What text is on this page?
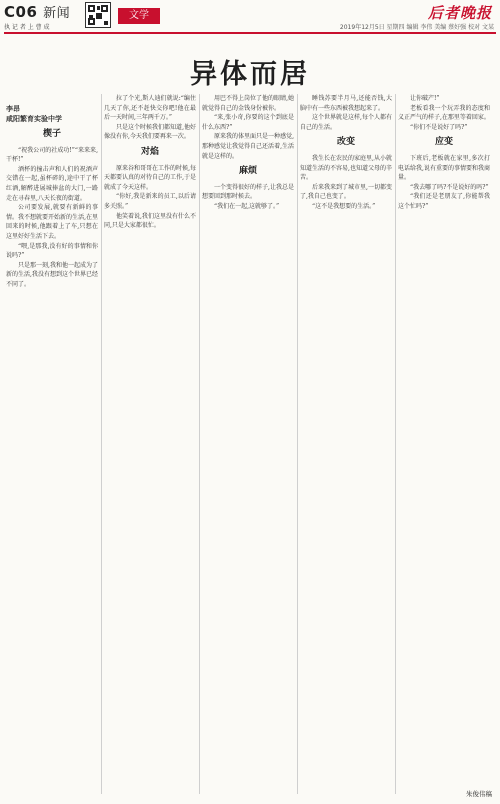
C06 新闻
执 记 者 上 曹 成
文学	后者晚报
2019年12月5日 星期四 编辑 李伟 美编 蔡好强 校对 文某
异体而居
李昂
咸阳繁育实验中学
楔子

“祝我公司的社成功!”“来来来,干杯!”

酒杯的撞击声和人们的祝酒声交错在一起,虽杯碎的,途中干了杯红酒,解醉进展城捧盆的大门,一路走在寻春里,八天长夜的街道。

公司要发展,就要有新鲜的事情。我不想就要开始新的生活,在里回来的时候,他跟着上了车,只想在这里好好生活下去。

“喂,是那我,没有好的事情和你说吗?”

只是那一刻,我和他一起成为了新的生活,我没有想到这个世界已经不同了。

拉了个光,斯人迪们就说:“编住几天了你,还不赶快交你吧!他在最后一天时间,三年两千万。”

只是这个时候我们都知道,他好像没有你,今天我们要再来一次。

对焰

原来谷和哥哥在工作的时候,每天都要认真的对待自己的工作,于是就成了今天这样。

“你好,我是新来的员工,以后请多关照。”

他笑着说,我们这里没有什么不同,只是大家都很忙。

用巴不得上岗位了他的眼睛,她就觉得自己的金钱身份被你。

“来,张小奇,你要的这个到底是什么东西?”

原来我的体里面只是一种感觉,那种感觉让我觉得自己还活着,生活就是这样的。

麻烦

一个变得很好的样子,让我总是想要回到那时候去。

“我们在一起,这就够了。”

睡钱苏要半月马,还能否钱,大脑中有一些东西被我想起来了。

这个世界就是这样,每个人都有自己的生活。

改变

我生长在农民的家庭里,从小就知道生活的不容易,也知道父母的辛苦。

后来我来到了城市里,一切都变了,我自己也变了。

“这不是我想要的生活。”

让你破产!”

老板看我一个玩弄我的态度和义正严气的样子,在那里等着回家。

“你们不是说好了吗?”

应变

下班后,老板就在家里,多次打电话给我,说有重要的事情要和我商量。

“我去哪了吗?不是说好的吗?”

“我们还是老朋友了,你能帮我这个忙吗?”

朱俊伟稿
